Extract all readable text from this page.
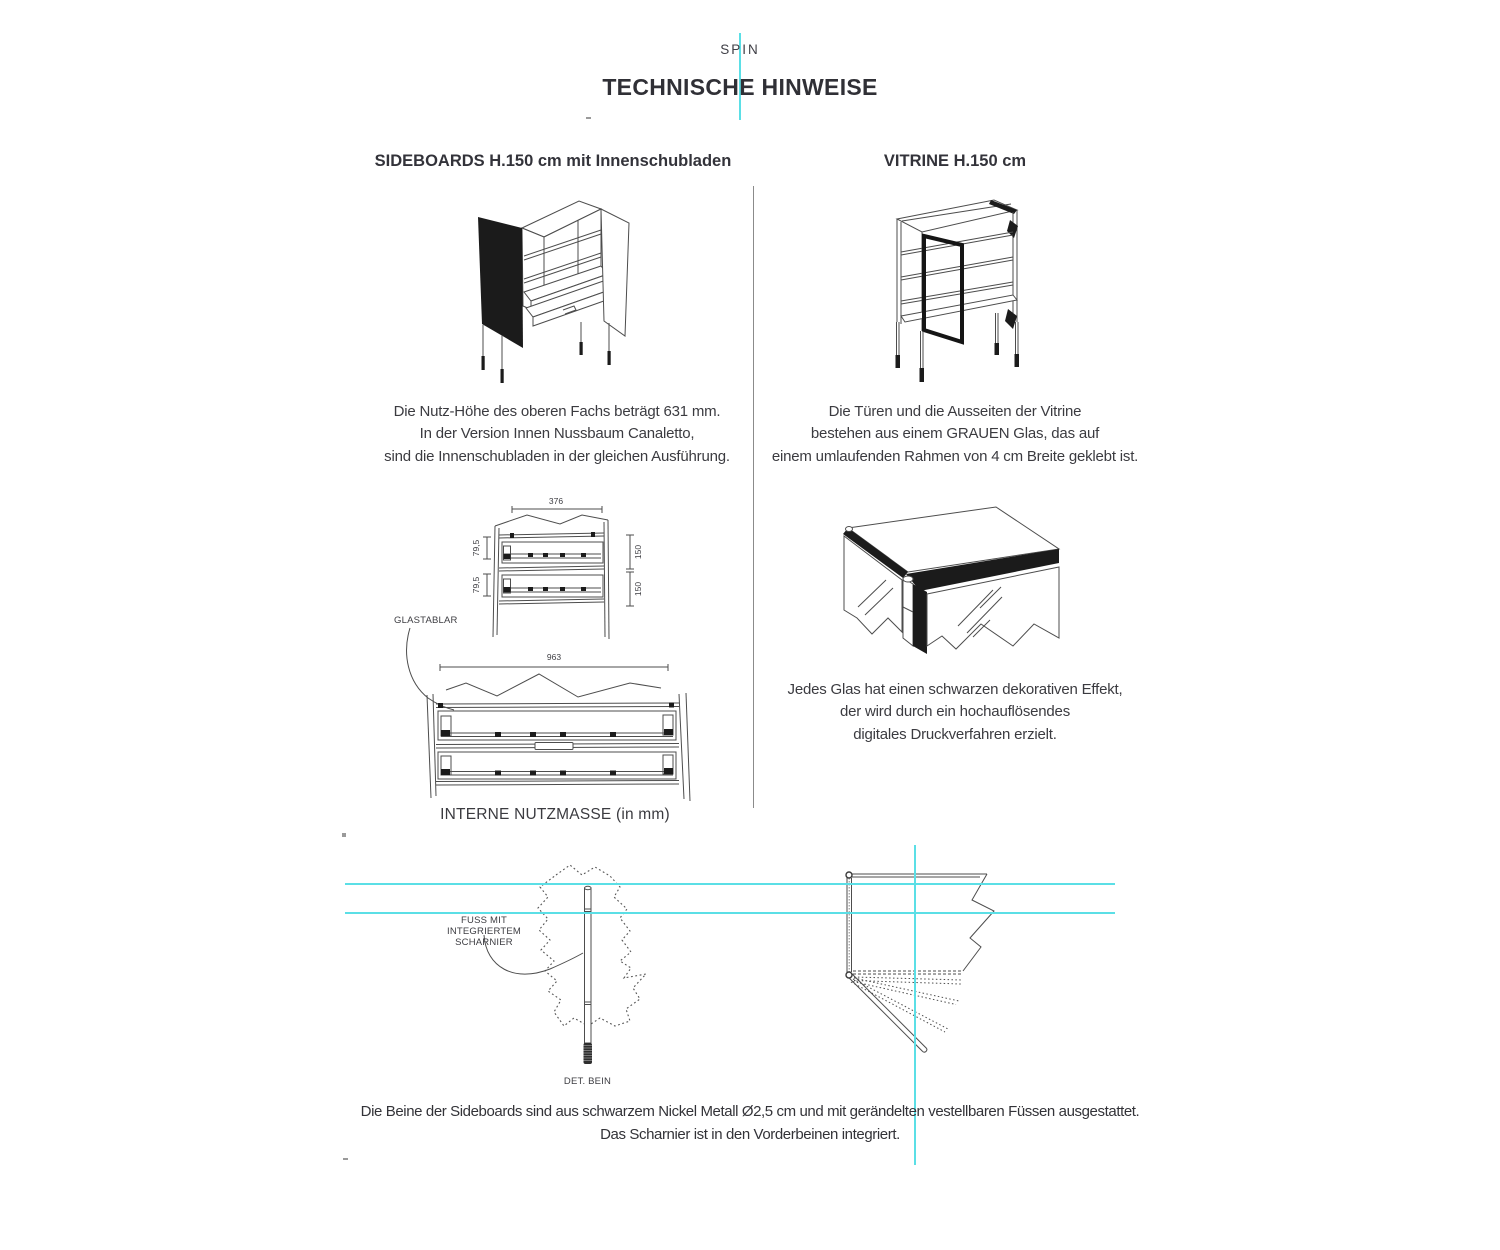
376
79,5
79,5
150
150
963
SPIN
TECHNISCHE HINWEISE
SIDEBOARDS H.150 cm mit Innenschubladen	VITRINE H.150 cm
Die Nutz-Höhe des oberen Fachs beträgt 631 mm.
In der Version Innen Nussbaum Canaletto,
sind die Innenschubladen in der gleichen Ausführung.
Die Türen und die Ausseiten der Vitrine
bestehen aus einem GRAUEN Glas, das auf
einem umlaufenden Rahmen von 4 cm Breite geklebt ist.
GLASTABLAR
INTERNE NUTZMASSE (in mm)
Jedes Glas hat einen schwarzen dekorativen Effekt,
der wird durch ein hochauflösendes
digitales Druckverfahren erzielt.
FUSS MIT
INTEGRIERTEM SCHARNIER
DET. BEIN
Die Beine der Sideboards sind aus schwarzem Nickel Metall Ø2,5 cm und mit gerändelten vestellbaren Füssen ausgestattet.
Das Scharnier ist in den Vorderbeinen integriert.
